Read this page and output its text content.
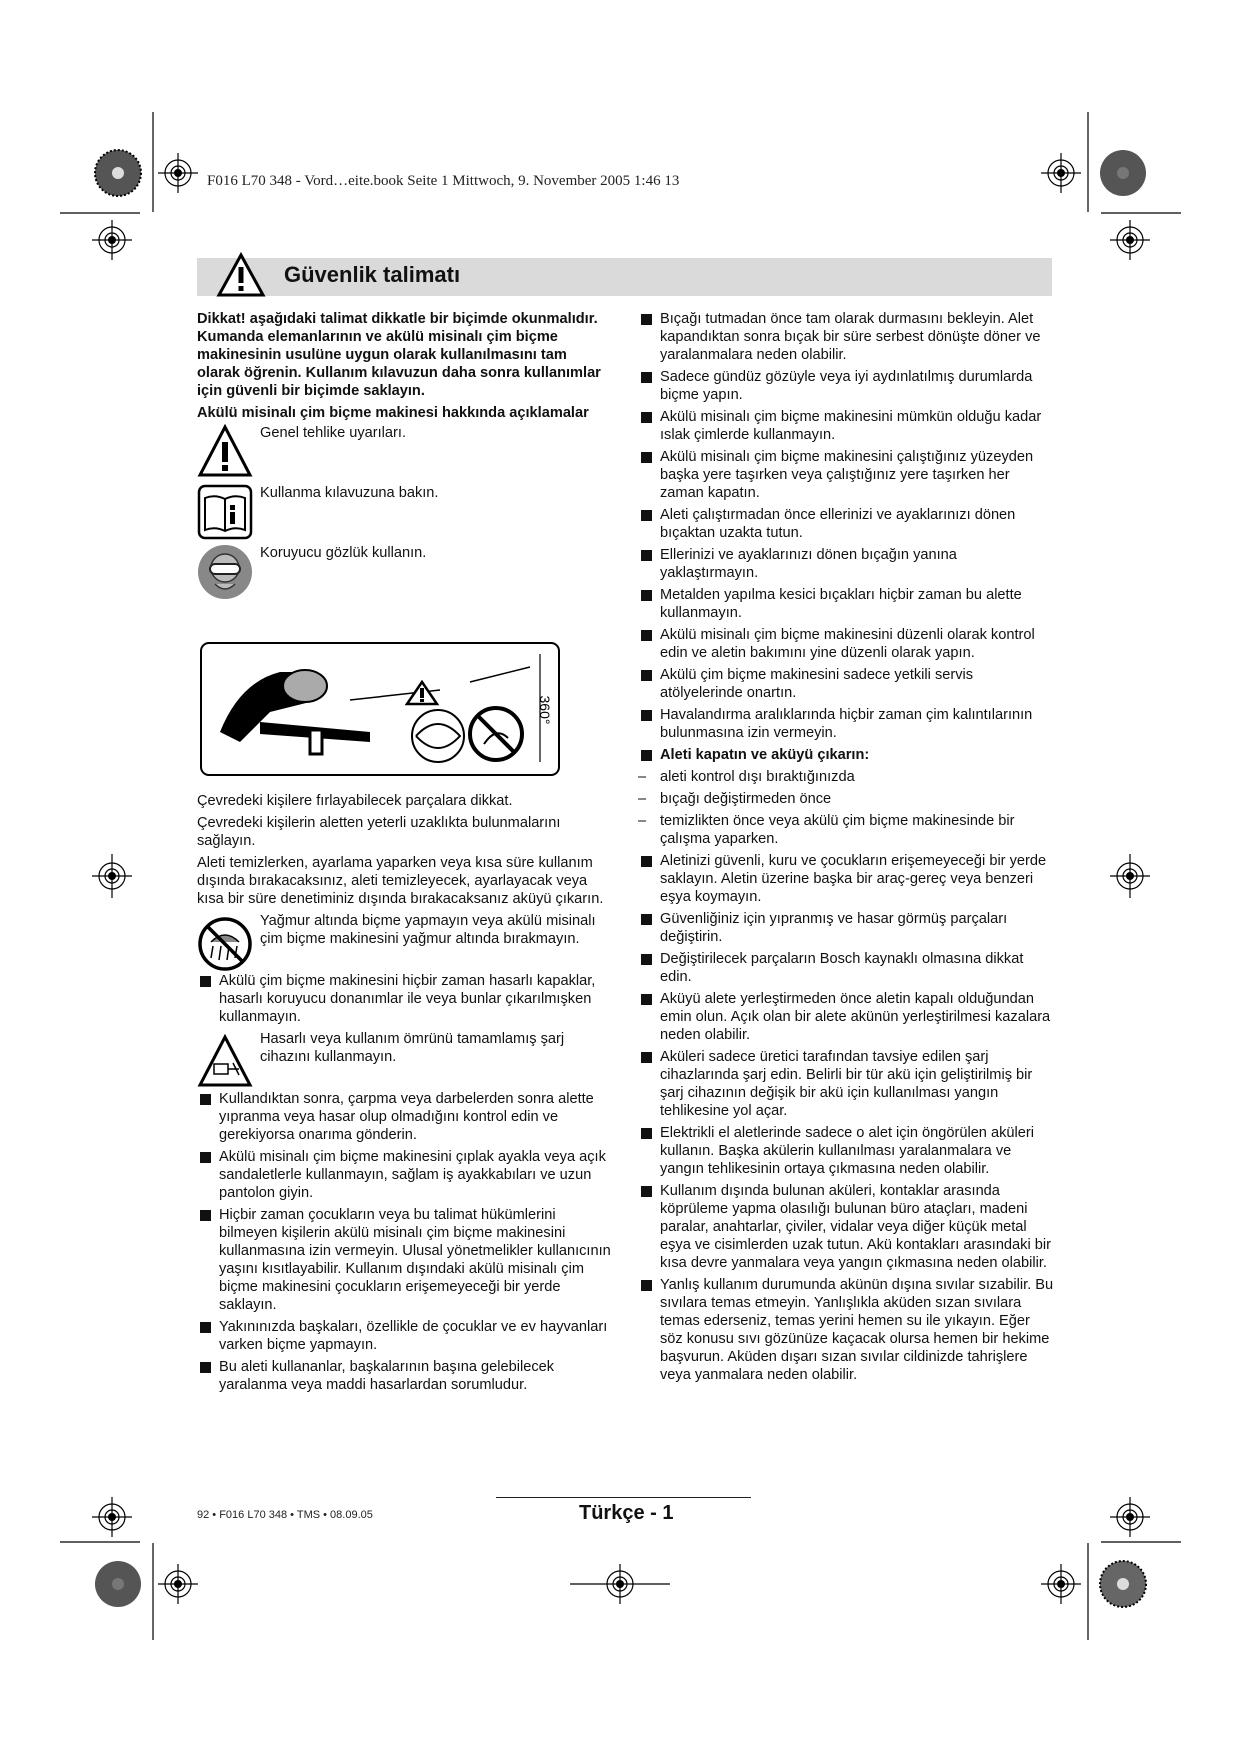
F016 L70 348 - Vord…eite.book Seite 1 Mittwoch, 9. November 2005 1:46 13
Güvenlik talimatı

Dikkat! aşağıdaki talimat dikkatle bir biçimde okunmalıdır. Kumanda elemanlarının ve akülü misinalı çim biçme makinesinin usulüne uygun olarak kullanılmasını tam olarak öğrenin. Kullanım kılavuzun daha sonra kullanımlar için güvenli bir biçimde saklayın.

Akülü misinalı çim biçme makinesi hakkında açıklamalar

Genel tehlike uyarıları.
Kullanma kılavuzuna bakın.
Koruyucu gözlük kullanın.
360°

Çevredeki kişilere fırlayabilecek parçalara dikkat.

Çevredeki kişilerin aletten yeterli uzaklıkta bulunmalarını sağlayın.

Aleti temizlerken, ayarlama yaparken veya kısa süre kullanım dışında bırakacaksınız, aleti temizleyecek, ayarlayacak veya kısa bir süre denetiminiz dışında bırakacaksanız aküyü çıkarın.

Yağmur altında biçme yapmayın veya akülü misinalı çim biçme makinesini yağmur altında bırakmayın.
Akülü çim biçme makinesini hiçbir zaman hasarlı kapaklar, hasarlı koruyucu donanımlar ile veya bunlar çıkarılmışken kullanmayın.
Hasarlı veya kullanım ömrünü tamamlamış şarj cihazını kullanmayın.
Kullandıktan sonra, çarpma veya darbelerden sonra alette yıpranma veya hasar olup olmadığını kontrol edin ve gerekiyorsa onarıma gönderin.
Akülü misinalı çim biçme makinesini çıplak ayakla veya açık sandaletlerle kullanmayın, sağlam iş ayakkabıları ve uzun pantolon giyin.
Hiçbir zaman çocukların veya bu talimat hükümlerini bilmeyen kişilerin akülü misinalı çim biçme makinesini kullanmasına izin vermeyin. Ulusal yönetmelikler kullanıcının yaşını kısıtlayabilir. Kullanım dışındaki akülü misinalı çim biçme makinesini çocukların erişemeyeceği bir yerde saklayın.
Yakınınızda başkaları, özellikle de çocuklar ve ev hayvanları varken biçme yapmayın.
Bu aleti kullananlar, başkalarının başına gelebilecek yaralanma veya maddi hasarlardan sorumludur.
Bıçağı tutmadan önce tam olarak durmasını bekleyin. Alet kapandıktan sonra bıçak bir süre serbest dönüşte döner ve yaralanmalara neden olabilir.
Sadece gündüz gözüyle veya iyi aydınlatılmış durumlarda biçme yapın.
Akülü misinalı çim biçme makinesini mümkün olduğu kadar ıslak çimlerde kullanmayın.
Akülü misinalı çim biçme makinesini çalıştığınız yüzeyden başka yere taşırken veya çalıştığınız yere taşırken her zaman kapatın.
Aleti çalıştırmadan önce ellerinizi ve ayaklarınızı dönen bıçaktan uzakta tutun.
Ellerinizi ve ayaklarınızı dönen bıçağın yanına yaklaştırmayın.
Metalden yapılma kesici bıçakları hiçbir zaman bu alette kullanmayın.
Akülü misinalı çim biçme makinesini düzenli olarak kontrol edin ve aletin bakımını yine düzenli olarak yapın.
Akülü çim biçme makinesini sadece yetkili servis atölyelerinde onartın.
Havalandırma aralıklarında hiçbir zaman çim kalıntılarının bulunmasına izin vermeyin.
Aleti kapatın ve aküyü çıkarın:
– aleti kontrol dışı bıraktığınızda
– bıçağı değiştirmeden önce
– temizlikten önce veya akülü çim biçme makinesinde bir çalışma yaparken.
Aletinizi güvenli, kuru ve çocukların erişemeyeceği bir yerde saklayın. Aletin üzerine başka bir araç-gereç veya benzeri eşya koymayın.
Güvenliğiniz için yıpranmış ve hasar görmüş parçaları değiştirin.
Değiştirilecek parçaların Bosch kaynaklı olmasına dikkat edin.
Aküyü alete yerleştirmeden önce aletin kapalı olduğundan emin olun. Açık olan bir alete akünün yerleştirilmesi kazalara neden olabilir.
Aküleri sadece üretici tarafından tavsiye edilen şarj cihazlarında şarj edin. Belirli bir tür akü için geliştirilmiş bir şarj cihazının değişik bir akü için kullanılması yangın tehlikesine yol açar.
Elektrikli el aletlerinde sadece o alet için öngörülen aküleri kullanın. Başka akülerin kullanılması yaralanmalara ve yangın tehlikesinin ortaya çıkmasına neden olabilir.
Kullanım dışında bulunan aküleri, kontaklar arasında köprüleme yapma olasılığı bulunan büro ataçları, madeni paralar, anahtarlar, çiviler, vidalar veya diğer küçük metal eşya ve cisimlerden uzak tutun. Akü kontakları arasındaki bir kısa devre yanmalara veya yangın çıkmasına neden olabilir.
Yanlış kullanım durumunda akünün dışına sıvılar sızabilir. Bu sıvılara temas etmeyin. Yanlışlıkla aküden sızan sıvılara temas ederseniz, temas yerini hemen su ile yıkayın. Eğer söz konusu sıvı gözünüze kaçacak olursa hemen bir hekime başvurun. Aküden dışarı sızan sıvılar cildinizde tahrişlere veya yanmalara neden olabilir.
92 • F016 L70 348 • TMS • 08.09.05	Türkçe - 1
